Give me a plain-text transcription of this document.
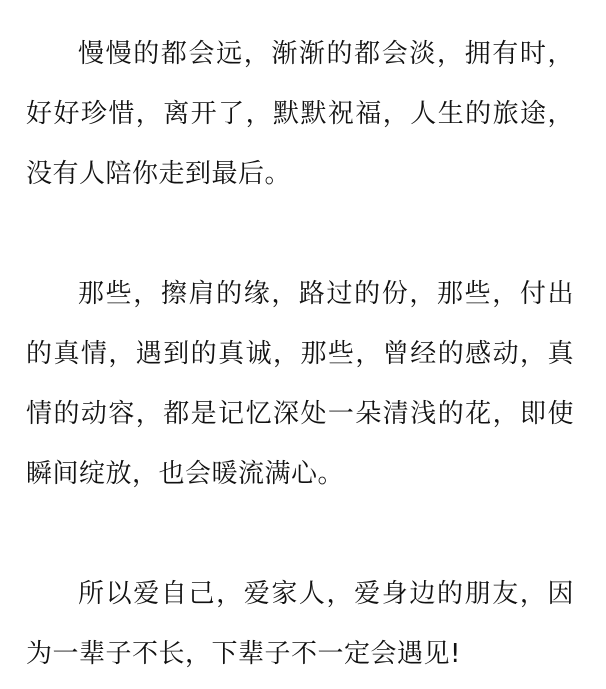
慢慢的都会远，渐渐的都会淡，拥有时，好好珍惜，离开了，默默祝福，人生的旅途，没有人陪你走到最后。

那些，擦肩的缘，路过的份，那些，付出的真情，遇到的真诚，那些，曾经的感动，真情的动容，都是记忆深处一朵清浅的花，即使瞬间绽放，也会暖流满心。

所以爱自己，爱家人，爱身边的朋友，因为一辈子不长，下辈子不一定会遇见!
